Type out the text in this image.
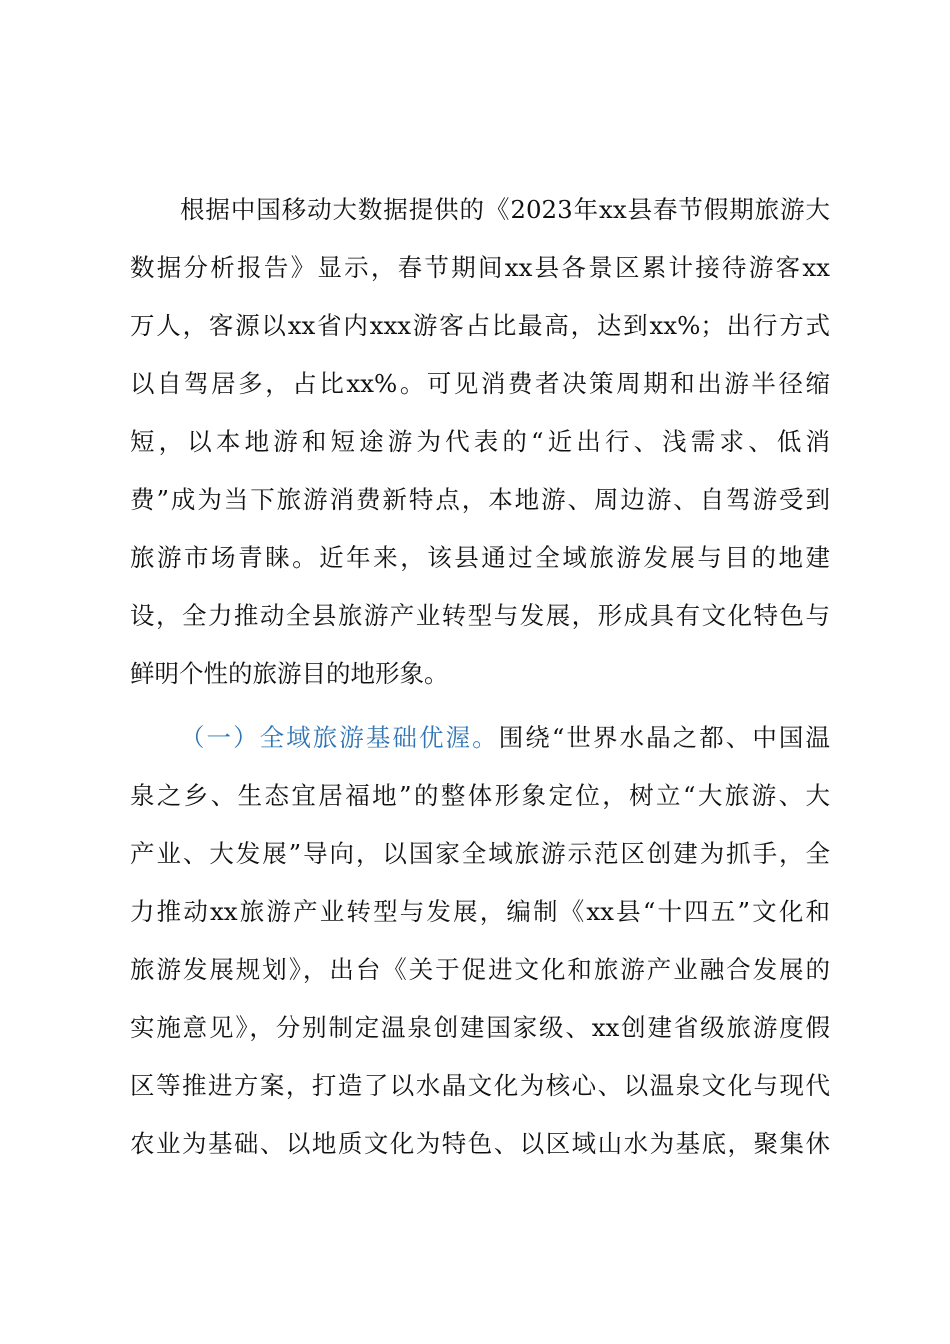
根据中国移动大数据提供的《2023年xx县春节假期旅游大
数据分析报告》显示，春节期间xx县各景区累计接待游客xx
万人，客源以xx省内xxx游客占比最高，达到xx%；出行方式
以自驾居多，占比xx%。可见消费者决策周期和出游半径缩
短，以本地游和短途游为代表的“近出行、浅需求、低消
费”成为当下旅游消费新特点，本地游、周边游、自驾游受到
旅游市场青睐。近年来，该县通过全域旅游发展与目的地建
设，全力推动全县旅游产业转型与发展，形成具有文化特色与
鲜明个性的旅游目的地形象。
（一）全域旅游基础优渥。围绕“世界水晶之都、中国温
泉之乡、生态宜居福地”的整体形象定位，树立“大旅游、大
产业、大发展”导向，以国家全域旅游示范区创建为抓手，全
力推动xx旅游产业转型与发展，编制《xx县“十四五”文化和
旅游发展规划》，出台《关于促进文化和旅游产业融合发展的
实施意见》，分别制定温泉创建国家级、xx创建省级旅游度假
区等推进方案，打造了以水晶文化为核心、以温泉文化与现代
农业为基础、以地质文化为特色、以区域山水为基底，聚集休
